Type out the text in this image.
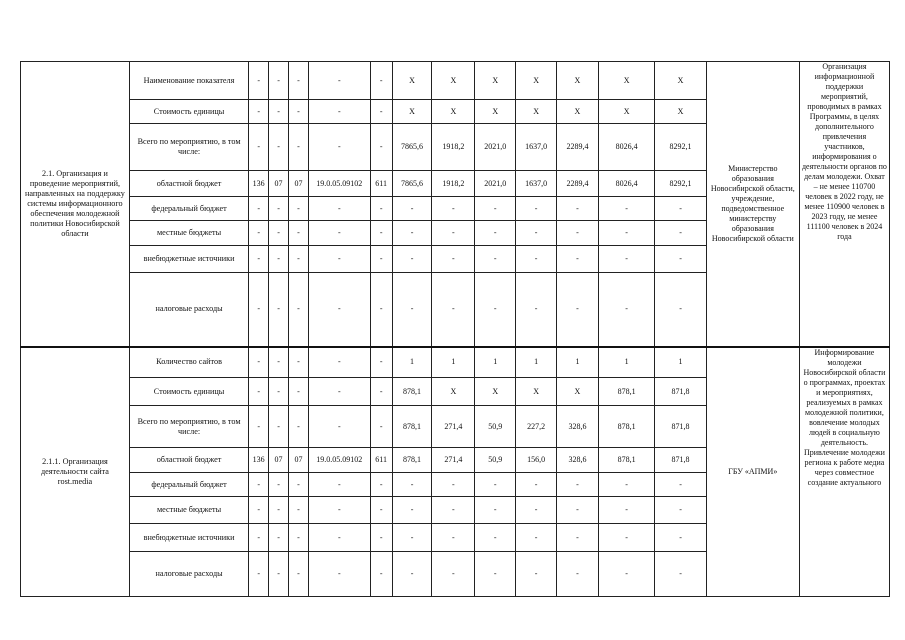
2.1. Организация и проведение мероприятий, направленных на поддержку системы информационного обеспечения молодежной политики Новосибирской области	Наименование показателя	-	-	-	-	-	X	X	X	X	X	X	X	Министерство образования Новосибирской области, учреждение, подведомственное министерству образования Новосибирской области	Организация информационной поддержки мероприятий, проводимых в рамках Программы, в целях дополнительного привлечения участников, информирования о деятельности органов по делам молодежи. Охват – не менее 110700 человек в 2022 году, не менее 110900 человек в 2023 году, не менее 111100 человек в 2024 года
	Стоимость единицы	-	-	-	-	-	X	X	X	X	X	X	X		
	Всего по мероприятию, в том числе:	-	-	-	-	-	7865,6	1918,2	2021,0	1637,0	2289,4	8026,4	8292,1		
	областной бюджет	136	07	07	19.0.05.09102	611	7865,6	1918,2	2021,0	1637,0	2289,4	8026,4	8292,1		
	федеральный бюджет	-	-	-	-	-	-	-	-	-	-	-	-		
	местные бюджеты	-	-	-	-	-	-	-	-	-	-	-	-		
	внебюджетные источники	-	-	-	-	-	-	-	-	-	-	-	-		
	налоговые расходы	-	-	-	-	-	-	-	-	-	-	-	-		
2.1.1. Организация деятельности сайта rost.media	Количество сайтов	-	-	-	-	-	1	1	1	1	1	1	1	ГБУ «АПМИ»	Информирование молодежи Новосибирской области о программах, проектах и мероприятиях, реализуемых в рамках молодежной политики, вовлечение молодых людей в социальную деятельность. Привлечение молодежи региона к работе медиа через совместное создание актуального
	Стоимость единицы	-	-	-	-	-	878,1	X	X	X	X	878,1	871,8		
	Всего по мероприятию, в том числе:	-	-	-	-	-	878,1	271,4	50,9	227,2	328,6	878,1	871,8		
	областной бюджет	136	07	07	19.0.05.09102	611	878,1	271,4	50,9	156,0	328,6	878,1	871,8		
	федеральный бюджет	-	-	-	-	-	-	-	-	-	-	-	-		
	местные бюджеты	-	-	-	-	-	-	-	-	-	-	-	-		
	внебюджетные источники	-	-	-	-	-	-	-	-	-	-	-	-		
	налоговые расходы	-	-	-	-	-	-	-	-	-	-	-	-		
